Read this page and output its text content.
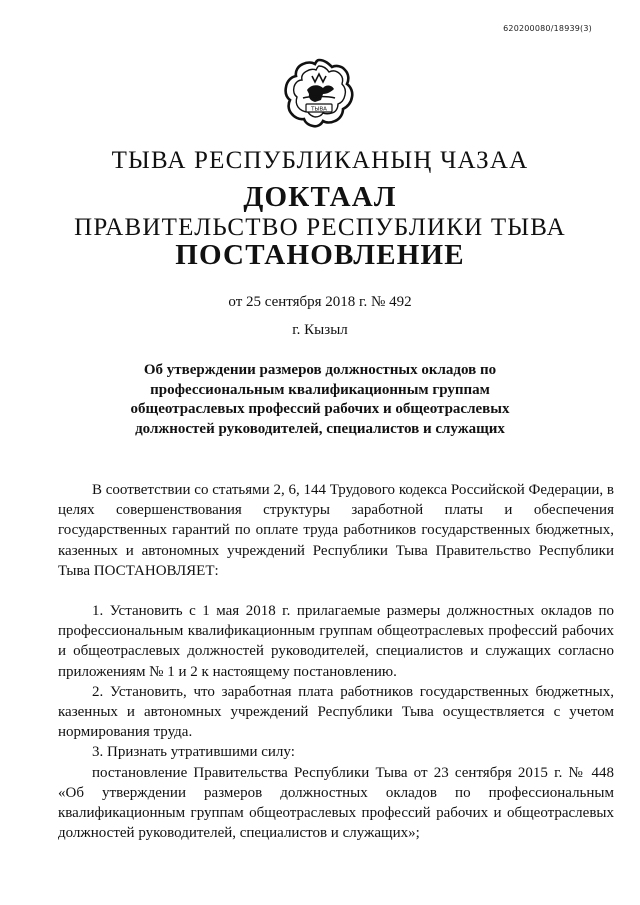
620200080/18939(3)
ТЫВА
ТЫВА РЕСПУБЛИКАНЫҢ ЧАЗАА
ДОКТААЛ
ПРАВИТЕЛЬСТВО РЕСПУБЛИКИ ТЫВА
ПОСТАНОВЛЕНИЕ
от 25 сентября 2018 г. № 492
г. Кызыл
Об утверждении размеров должностных окладов по профессиональным квалификационным группам общеотраслевых профессий рабочих и общеотраслевых должностей руководителей, специалистов и служащих

В соответствии со статьями 2, 6, 144 Трудового кодекса Российской Федерации, в целях совершенствования структуры заработной платы и обеспечения государственных гарантий по оплате труда работников государственных бюджетных, казенных и автономных учреждений Республики Тыва Правительство Республики Тыва ПОСТАНОВЛЯЕТ:

1. Установить с 1 мая 2018 г. прилагаемые размеры должностных окладов по профессиональным квалификационным группам общеотраслевых профессий рабочих и общеотраслевых должностей руководителей, специалистов и служащих согласно приложениям № 1 и 2 к настоящему постановлению.

2. Установить, что заработная плата работников государственных бюджетных, казенных и автономных учреждений Республики Тыва осуществляется с учетом нормирования труда.

3. Признать утратившими силу:

постановление Правительства Республики Тыва от 23 сентября 2015 г. № 448 «Об утверждении размеров должностных окладов по профессиональным квалификационным группам общеотраслевых профессий рабочих и общеотраслевых должностей руководителей, специалистов и служащих»;
